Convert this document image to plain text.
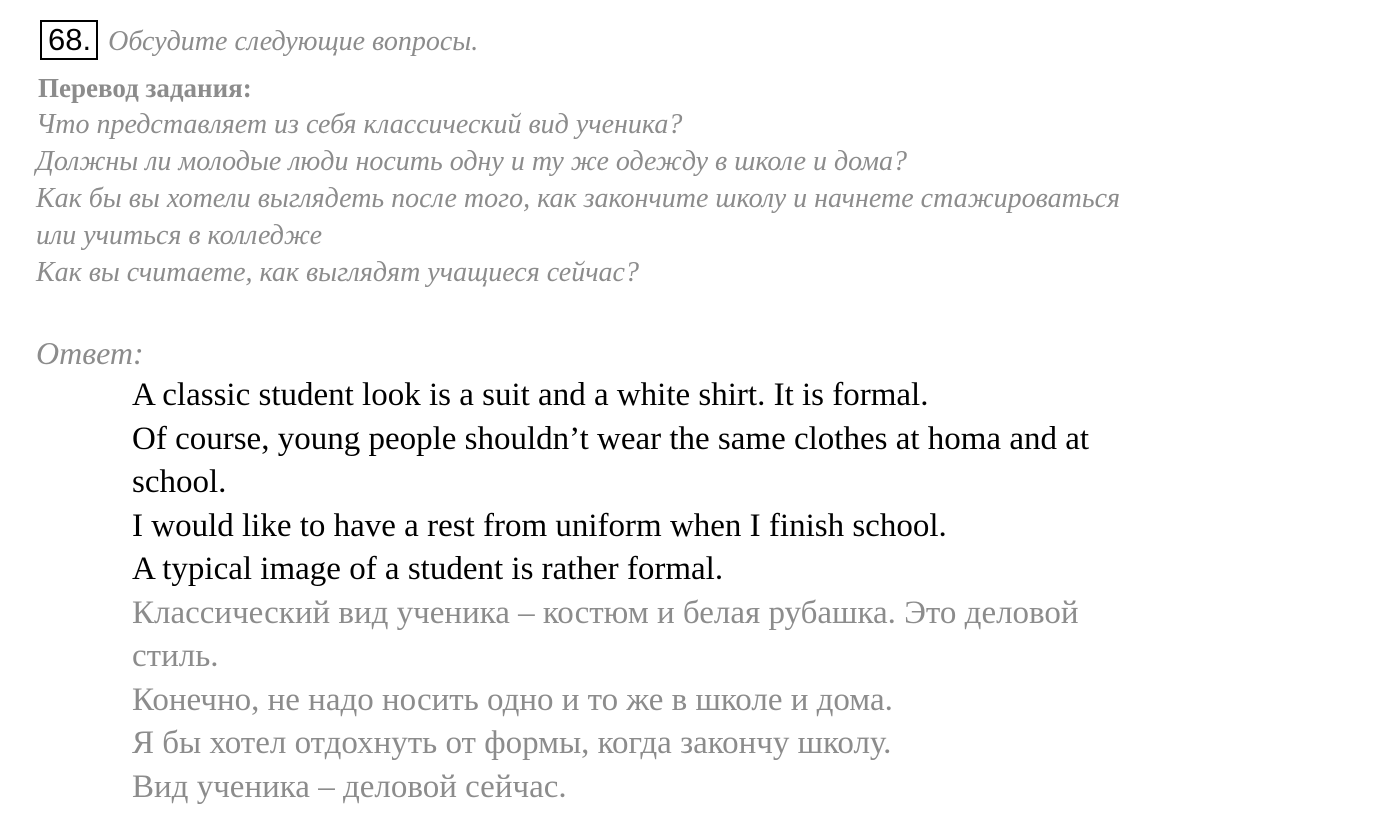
68 . Обсудите следующие вопросы.
Перевод задания:
Что представляет из себя классический вид ученика?
Должны ли молодые люди носить одну и ту же одежду в школе и дома?
Как бы вы хотели выглядеть после того, как закончите школу и начнете стажироваться
или учиться в колледже
Как вы считаете, как выглядят учащиеся сейчас?
Ответ:
A classic student look is a suit and a white shirt. It is formal.
Of course, young people shouldn’t wear the same clothes at homa and at
school.
I would like to have a rest from uniform when I finish school.
A typical image of a student is rather formal.
Классический вид ученика – костюм и белая рубашка. Это деловой
стиль.
Конечно, не надо носить одно и то же в школе и дома.
Я бы хотел отдохнуть от формы, когда закончу школу.
Вид ученика – деловой сейчас.
